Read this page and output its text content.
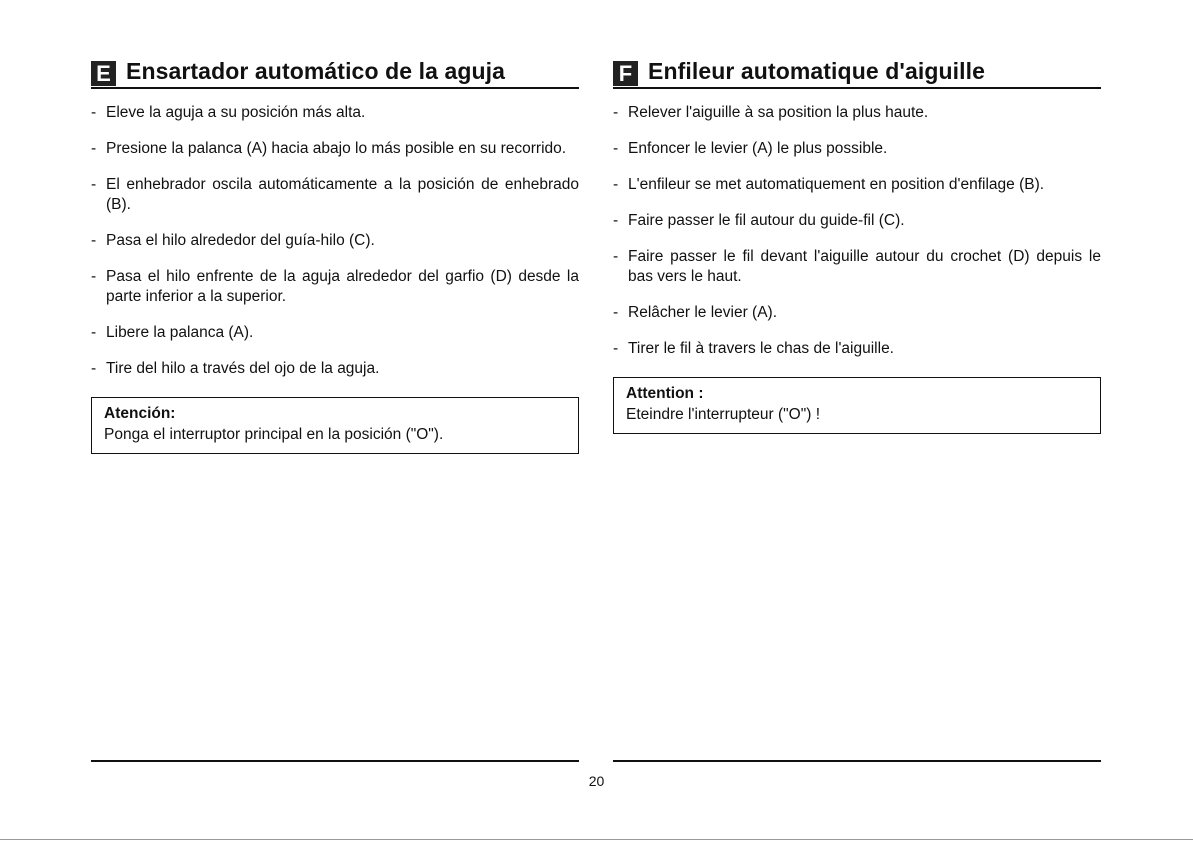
E Ensartador automático de la aguja
- Eleve la aguja a su posición más alta.
- Presione la palanca (A) hacia abajo lo más posible en su recorrido.
- El enhebrador oscila automáticamente a la posición de enhebrado (B).
- Pasa el hilo alrededor del guía-hilo (C).
- Pasa el hilo enfrente de la aguja alrededor del garfio (D) desde la parte inferior a la superior.
- Libere la palanca (A).
- Tire del hilo a través del ojo de la aguja.
Atención:
Ponga el interruptor principal en la posición ("O").
F Enfileur automatique d'aiguille
- Relever l'aiguille à sa position la plus haute.
- Enfoncer le levier (A) le plus possible.
- L'enfileur se met automatiquement en position d'enfilage (B).
- Faire passer le fil autour du guide-fil (C).
- Faire passer le fil devant l'aiguille autour du crochet (D) depuis le bas vers le haut.
- Relâcher le levier (A).
- Tirer le fil à travers le chas de l'aiguille.
Attention :
Eteindre l'interrupteur ("O") !
20
